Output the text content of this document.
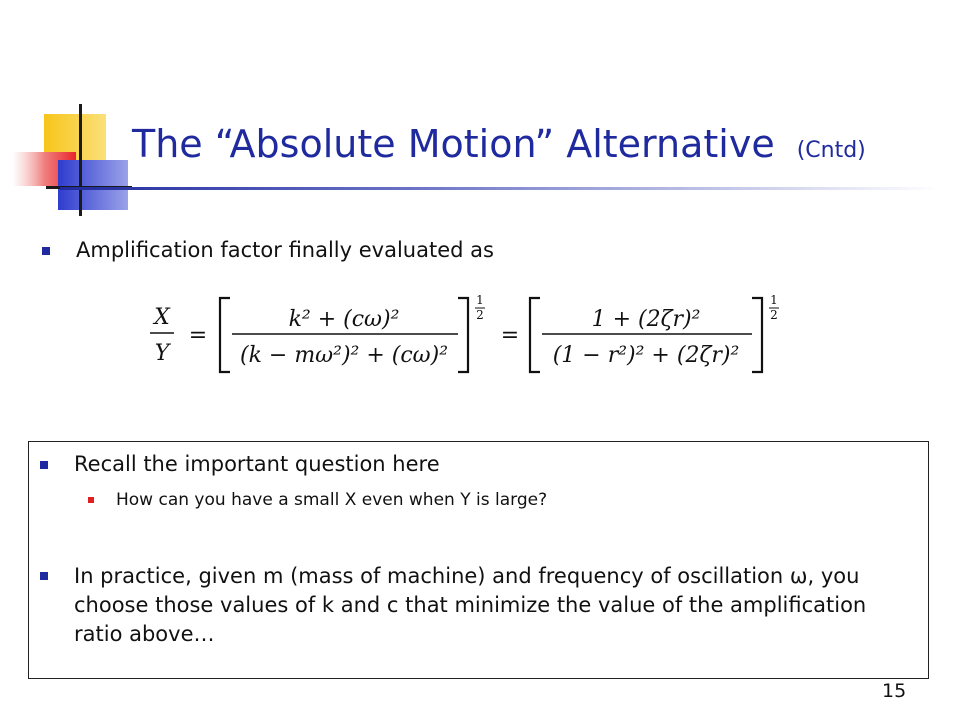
The “Absolute Motion” Alternative (Cntd)
Amplification factor finally evaluated as
X
Y
=
k² + (cω)²
(k − mω²)² + (cω)²
1
2
=
1 + (2ζr)²
(1 − r²)² + (2ζr)²
1
2
Recall the important question here
How can you have a small X even when Y is large?
In practice, given m (mass of machine) and frequency of oscillation ω, you choose those values of k and c that minimize the value of the amplification ratio above…
15
